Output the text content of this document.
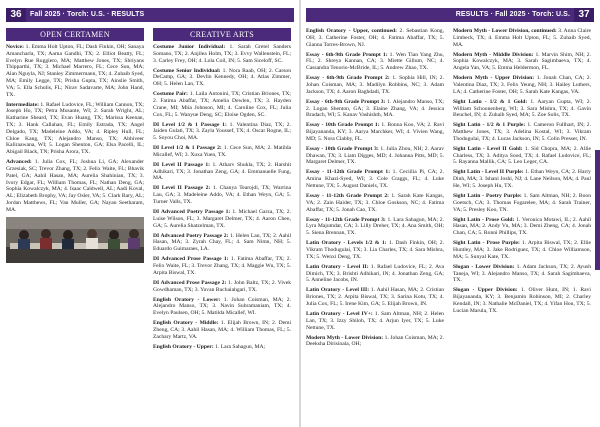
36	Fall 2025 · Torch: U.S. · RESULTS
OPEN CERTAMEN

Novice: 1. Emma Holt Upton, FL; Dash Finkin, OH; Sanaya Amancharla, TX; Aarna Gandhi, TX; 2. Elliot Beatty, FL; Evelyn Rue Ruggiero, MA; Matthew Jones, TX; Shriyans Thipparthi, TX; 3. Michael Marrero, FL; Cece Sun, MA; Alan Nguyla, NJ; Stanley Zimmermann, TX; 4. Zuhaib Syed, MA; Emily Legge, TX; Prisha Gupta, TX; Ainslie Smith, VA; 5. Ella Schulis, FL; Nirav Sadavarte, MA; John Hand, TX.

Intermediate: 1. Rafael Ludovice, FL; William Cannon, TX; Joseph Ho, TX; Petra Musante, WI; 2. Sarah Wright, AL; Katharine Sheard, TX; Evan Huang, TX; Marissa Keenan, TX; 3. Hank Callahan, FL; Emily Estrada, TX; Angel Delgado, TX; Madeleine Addo, VA; 4. Ripley Hull, FL; Chloe Kang, TX; Alejandro Manso, TX; Abhiveer Kaliraawana, WI; 5. Logan Shenton, GA; Elsa Pacelli, IL; Abigail Black, TN; Prisha Arora, TX.

Advanced: 1. Julia Cox, FL; Joshua Li, GA; Alexander Grzesiak, SC; Trevor Zhang, TX; 2. Felix Waite, FL; Bhavik Patel, GA; Aahil Hasan, MA; Aurelia Shahinian, TX; 3. Ivory Edgar, FL; William Thomas, FL; Nathan Deng, GA; Sophia Kowalczyk, MA; 4. Isaac Caldwell, AL; Aadi Koval, AL; Elizabeth Brophy, VA; Jay Osler, VA; 5. Clark Bary, AL; Jordan Matthews, FL; Van Muller, GA; Nayan Seetharam, MA.

CREATIVE ARTS

Costume Junior Individual: 1. Sarah Gretel Sanders Somano, TX; 2. Anjilea Holm, TX; 3. Evvy Wallenstein, FL; 3. Carley Frey, OH; 4. Lola Coil, IN; 5. Sam Siceloff, SC.

Costume Senior Individual: 1. Nora Raab, OH; 2. Carson DeCamp, GA; 3. Devlin Kennedy, OH; 4. Atlas Zimmer, OH; 5. Helen Lan, TX.

Costume Pair: 1. Laila Antonini, TX; Cristian Briones, TX; 2. Fatima Abaffar, TX; Amelia Dewlen, TX; 3. Hayden Crane, MI; Miia Johnson, MI; 4. Caroline Cox, FL; Julia Cox, FL; 5. Wanyue Deng, SC; Eloise Ogden, SC.

DI Level 1/2 & 1 Passage 1: 1. Valentina Diaz, TX; 2. Jaiden Gulati, TX; 3. Zayla Youssef, TX; 4. Oscar Rogne, IL; 5. Soyou Choi, MA.

DI Level 1/2 & 1 Passage 2: 1. Cece Sun, MA; 2. Matilda Micallef, WI; 3. Xuxa Yuen, TX.

DI Level II Passage 1: 1. Atharv Shukla, TX; 2. Harshit Adhikari, TX; 3. Jonathan Zeng, GA; 4. Emmanuelle Fung, MA.

DI Level II Passage 2: 1. Chanya Tearojdi, TX; Warrina Lau, GA; 3. Madeleine Addo, VA; 4. Ethan Weyn, GA; 5. Turner Valls, TX.

DI Advanced Poetry Passage 1: 1. Michael Garza, TX; 2. Luise Wilson, FL; 3. Margaret Delmer, TX; 4. Aaron Chen, GA; 5. Aurelia Shatzelman, TX.

DI Advanced Poetry Passage 2: 1. Helen Lan, TX; 2. Aahil Hasan, MA; 3. Zyrah Chay, FL; 4. Sam Nimn, NH; 5. Eduardo Guimaraes, LA.

DI Advanced Prose Passage 1: 1. Fatima Abaffar, TX; 2. Felix Waite, FL; 3. Trevor Zhang, TX; 4. Maggie Wu, TX; 5. Arpita Biswal, TX.

DI Advanced Prose Passage 2: 1. John Baltz, TX; 2. Vivek Gowdhaman, TX; 3. Yuvan Buchaiahgari, TX.

English Oratory - Lower: 1. Johan Coisman, MA; 2. Alejandro Manso, TX; 3. Navin Subramaniam, TX; 4. Evelyn Paulsen, OH; 5. Matilda Micallef, WI.

English Oratory - Middle: 1. Elijah Brown, IN; 2. Demi Zheng, CA; 3. Aahil Hasan, MA; 4. William Thomas, FL; 5. Zachary Martz, VA.

English Oratory - Upper: 1. Lara Sahagun, MA;

RESULTS · Fall 2025 · Torch: U.S. 37

English Oratory - Upper, continued: 2. Sebastian Kong, OH; 3. Catherine Foster, OH; 4. Fatima Abaffar, TX; 5. Gianna Torres-Brown, NJ.

Essay - 6th-9th Grade Prompt 1: 1. Wen Tian Yang Zhu, FL; 2. Shreya Kannan, CA; 3. Miette Gillum, NC; 4. Cassandra Tenorio-McBride, IL; 5. Andrew Zhao, TX.

Essay - 6th-9th Grade Prompt 2: 1. Sophia Hill, IN; 2. Johan Coisman, MA; 3. Madilyn Robbins, NC; 3. Adam Jackson, TX; 4. Aaron Baghdadi, TX.

Essay - 6th-9th Grade Prompt 3: 1. Alejandro Manso, TX; 2. Logan Shenton, GA; 3. Elaine Zhang, VA; 4. Jessica Bradach, WI; 5. Kanav Vashishth, MA.

Essay - 10th Grade Prompt 1: 1. Bonna Koo, VA; 2. Ravi Bijayananda, KY; 3. Aarya Marchker, WI; 4. Vivien Wang, MD; 5. Nora Clabby, FL.

Essay - 10th Grade Prompt 3: 1. Julia Zhou, NH; 2. Aarav Dhawan, TX; 3. Liam Digges, MD; 4. Johanna Pitts, MD; 5. Margaret Delmer, TX.

Essay - 11-12th Grade Prompt 1: 1. Ceciilia Pi, CA; 2. Amina Khazi-Syed, WI; 3. Cole Craggs, FL; 4. Luke Nettune, TX; 5. August Daniels, TX.

Essay - 11-12th Grade Prompt 2: 1. Sarah Kate Kangas, VA; 2. Zain Haider, TX; 3. Chloe Goskson, NC; 4. Fatima Abaffar, TX; 5. Jonah Cao, TX.

Essay - 11-12th Grade Prompt 3: 1. Lara Sahagun, MA; 2. Lyra Majumdar, CA; 3. Lilly Dreher, TX; 4. Ana Smith, OH; 5. Siena Brennan, TX.

Latin Oratory - Levels 1/2 & 1: 1. Dash Finkin, OH; 2. Vikram Thodugulai, TX; 3. Lia Charles, TX; 4. Sara Mishra, TX; 5. Wenxi Deng, TX.

Latin Oratory - Level II: 1. Rafael Ludovice, FL; 2. Ava Dimich, TX; 3. Brishti Adhikari, IN; 4. Jonathan Zeng, GA; 5. Anneline Jacobs, IN.

Latin Oratory - Level III: 1. Aahil Hasan, MA; 2. Cristian Briones, TX; 2. Arpita Biswal, TX; 3. Sarina Kotu, TX; 4. Julia Cox, FL; 5. Irene Kim, GA; 5. Elijah Brown, IN.

Latin Oratory - Level IV+: 1. Sam Altman, NH; 2. Helen Lan, TX; 3. Izzy Shiloh, TX; 4. Arjun Iyer, TX; 5. Luke Nettune, TX.

Modern Myth - Lower Division: 1. Johan Coisman, MA; 2. Deeksha Dirisinala, OH;

Modern Myth - Lower Division, continued: 3. Anna Claire Limbeck, TX; 4. Emma Holt Upton, FL; 5. Zuhaib Syed, MA.

Modern Myth - Middle Division: 1. Marvin Shim, NH; 2. Sophia Kowalczyk, MA; 3. Sarah Sagimbaeva, TX; 4. Angela Yan, VA; 5. Emma Heldermon, FL.

Modern Myth - Upper Division: 1. Jonah Chan, CA; 2. Valentina Diaz, TX; 3. Felix Yeung, NH; 3. Hailey Luthers, LA; 4. Catherine Foster, OH; 5. Sarah Kate Kangas, VA.

Sight Latin - 1/2 & 1 Gold: 1. Aaryan Gupta, WI; 2. William Schoonenberg, WI; 3. Sara Mishra, TX; 4. Gavin Beuchel, IN; 4. Zuhaib Syed, MA; 5. Zoe Solis, TX.

Sight Latin - 1/2 & 1 Purple: 1. Cameron Fullhart, IN; 2. Matthew Jones, TX; 3. Adelina Kostal, WI; 3. Vikram Thodugulai, TX; 4. Lucas Jackson, IN; 5. Colin Presser, IN.

Sight Latin - Level II Gold: 1. Sid Chopra, MA; 2. Allie Charless, TX; 3. Aditya Sood, TX; 4. Rafael Ludovice, FL; 5. Rayanna Mallik, CA; 5. Leo Leger, CA.

Sight Latin - Level II Purple: 1. Ethan Weyn, CA; 2. Harry Dinh, MA; 3. Ishani Joshi, NJ; 4. Lane Neilson, MA; 4. Paul He, WI; 5. Joseph Hu, TX.

Sight Latin - Poetry Purple: 1. Sam Altman, NH; 2. Boon Goetsch, CA; 3. Thomas Fogarelee, MA; 4. Sarah Trainer, VA; 5. Presley Koo, TN.

Sight Latin - Prose Gold: 1. Veronica Motawi, IL; 2. Aahil Hasan, MA; 2. Andy Vu, MA; 3. Demi Zheng, CA; 4. Jonah Chan, CA; 5. Ronni Phillips, TX.

Sight Latin - Prose Purple: 1. Arpita Biswal, TX; 2. Ellie Huntley, MA; 3. Jake Rodriguez, TX; 4. Chloe Williamson, MA; 5. Sunyal Kate, TX.

Slogan - Lower Division: 1. Adam Jackson, TX; 2. Ayush Taneja, WI; 3. Alejandro Manso, TX; 4. Sarah Sagimbaeva, TX.

Slogan - Upper Division: 1. Oliver Hunt, IN; 1. Ravi Bijayananda, KY; 3. Benjamin Robinson, MI; 2. Charley Kendall, IN; 3. Nathalie McDaniel, TX; 4. Yifan Hou, TX; 5. Lucian Marula, TX.
